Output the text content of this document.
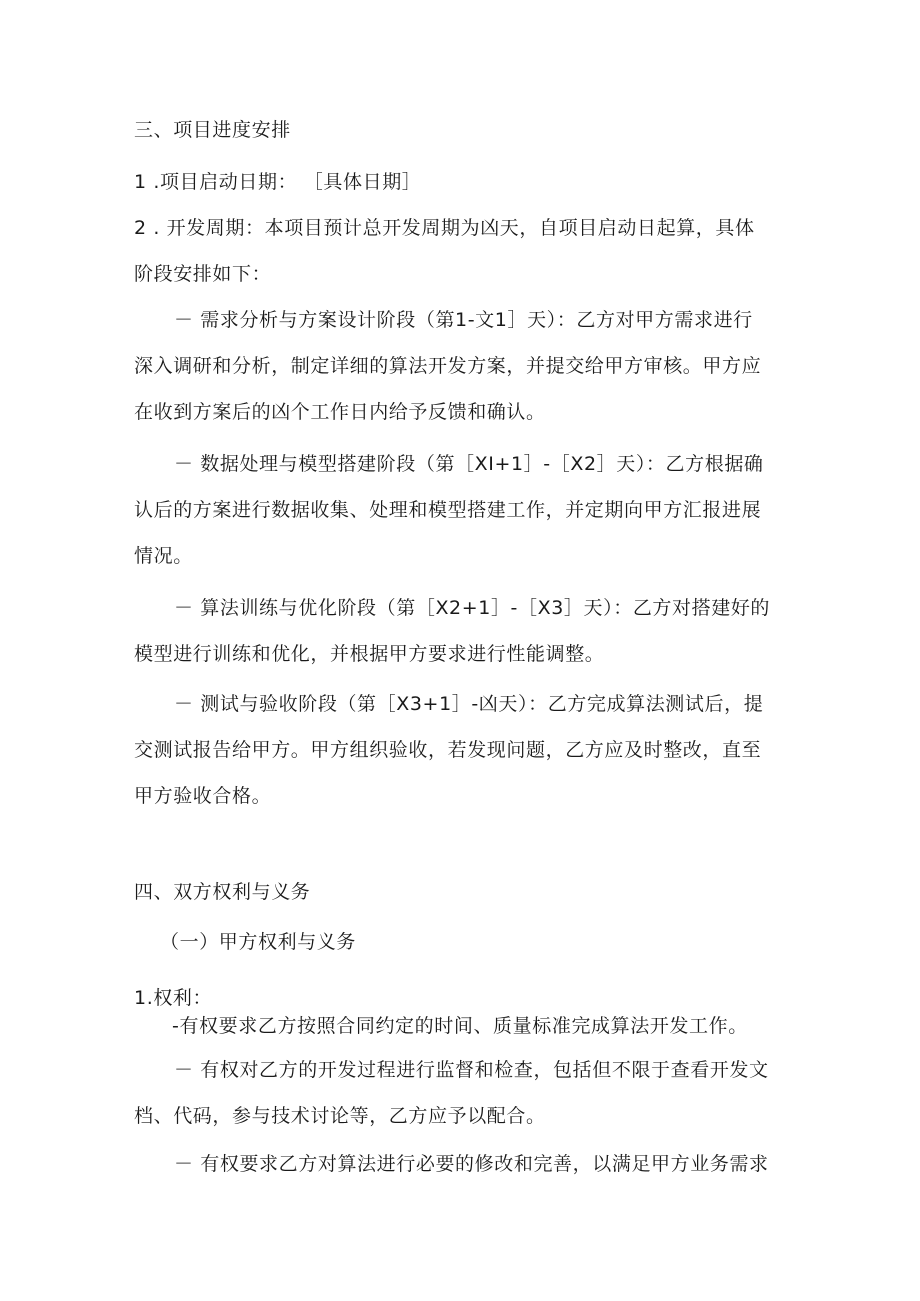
三、项目进度安排
1 .项目启动日期： ［具体日期］
2 . 开发周期：本项目预计总开发周期为凶天，自项目启动日起算，具体
阶段安排如下：
－ 需求分析与方案设计阶段（第1-文1］天）：乙方对甲方需求进行
深入调研和分析，制定详细的算法开发方案，并提交给甲方审核。甲方应
在收到方案后的凶个工作日内给予反馈和确认。
－ 数据处理与模型搭建阶段（第［XI+1］-［X2］天）：乙方根据确
认后的方案进行数据收集、处理和模型搭建工作，并定期向甲方汇报进展
情况。
－ 算法训练与优化阶段（第［X2+1］-［X3］天）：乙方对搭建好的
模型进行训练和优化，并根据甲方要求进行性能调整。
－ 测试与验收阶段（第［X3+1］-凶天）：乙方完成算法测试后，提
交测试报告给甲方。甲方组织验收，若发现问题，乙方应及时整改，直至
甲方验收合格。
四、双方权利与义务
（一）甲方权利与义务
1.权利：
-有权要求乙方按照合同约定的时间、质量标准完成算法开发工作。
－ 有权对乙方的开发过程进行监督和检查，包括但不限于查看开发文
档、代码，参与技术讨论等，乙方应予以配合。
－ 有权要求乙方对算法进行必要的修改和完善，以满足甲方业务需求
